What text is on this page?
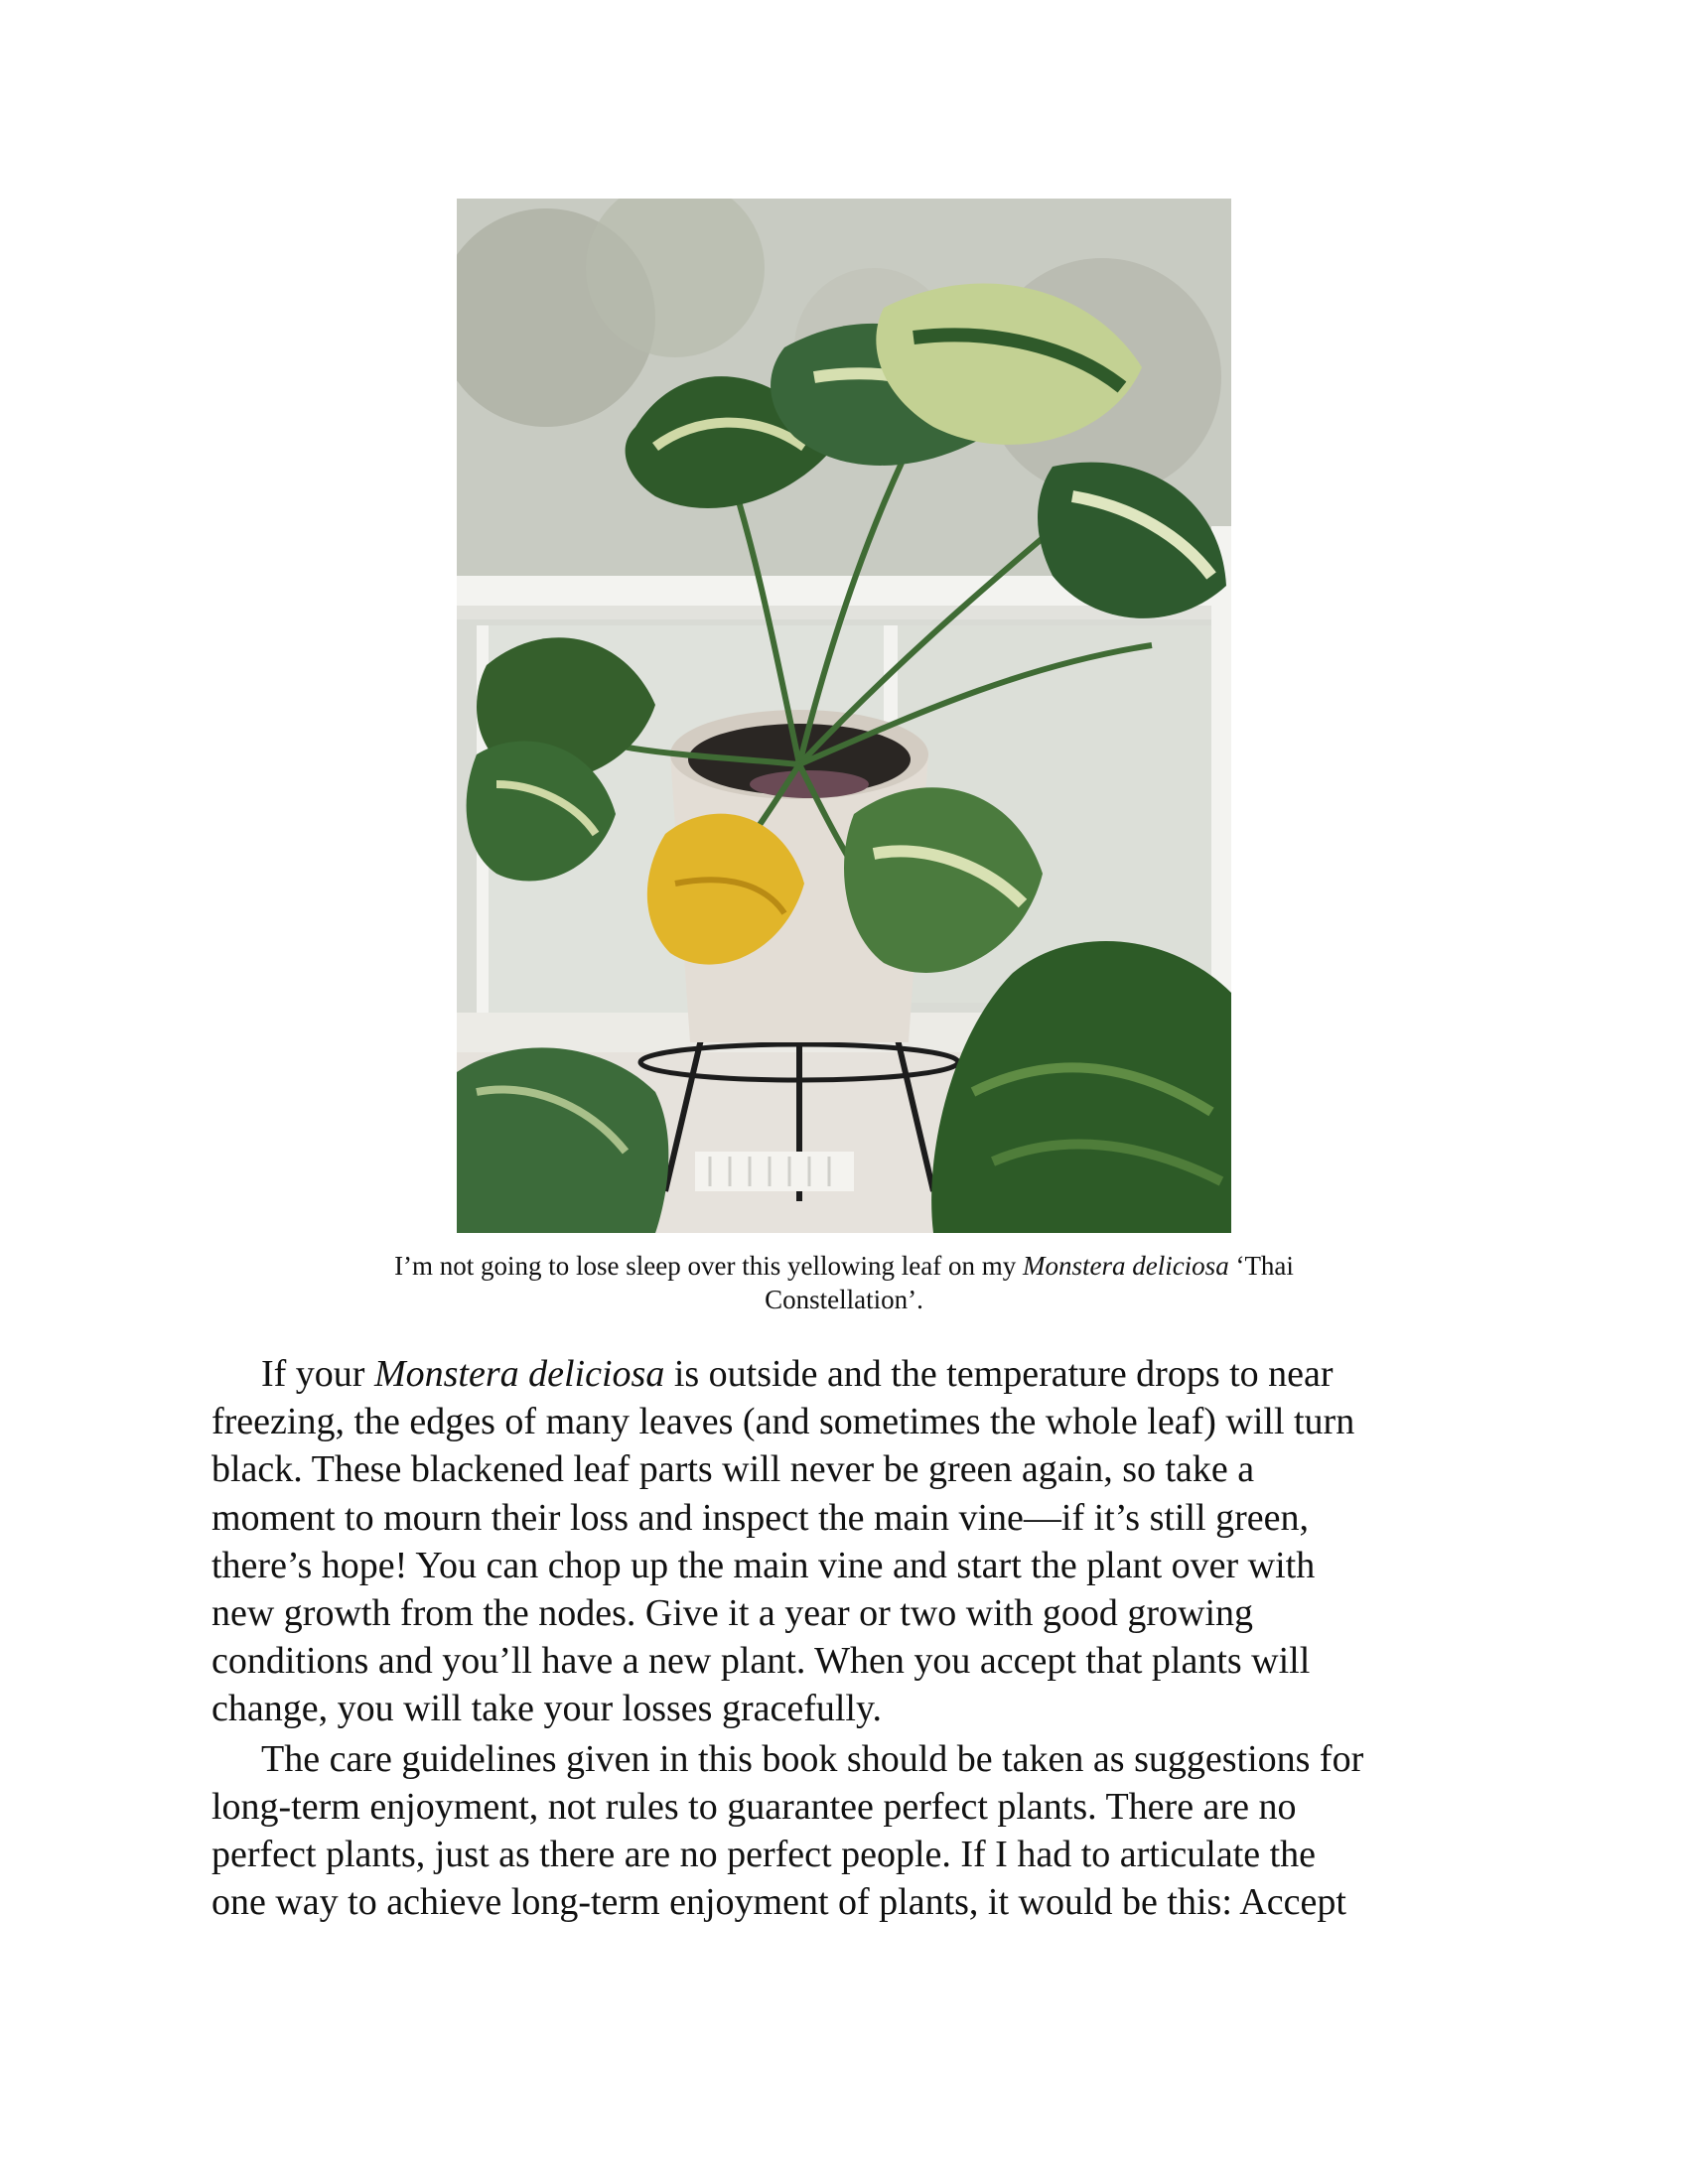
I’m not going to lose sleep over this yellowing leaf on my Monstera deliciosa ‘Thai
Constellation’.
If your Monstera deliciosa is outside and the temperature drops to near
freezing, the edges of many leaves (and sometimes the whole leaf) will turn
black. These blackened leaf parts will never be green again, so take a
moment to mourn their loss and inspect the main vine—if it’s still green,
there’s hope! You can chop up the main vine and start the plant over with
new growth from the nodes. Give it a year or two with good growing
conditions and you’ll have a new plant. When you accept that plants will
change, you will take your losses gracefully.
The care guidelines given in this book should be taken as suggestions for
long-term enjoyment, not rules to guarantee perfect plants. There are no
perfect plants, just as there are no perfect people. If I had to articulate the
one way to achieve long-term enjoyment of plants, it would be this: Accept
